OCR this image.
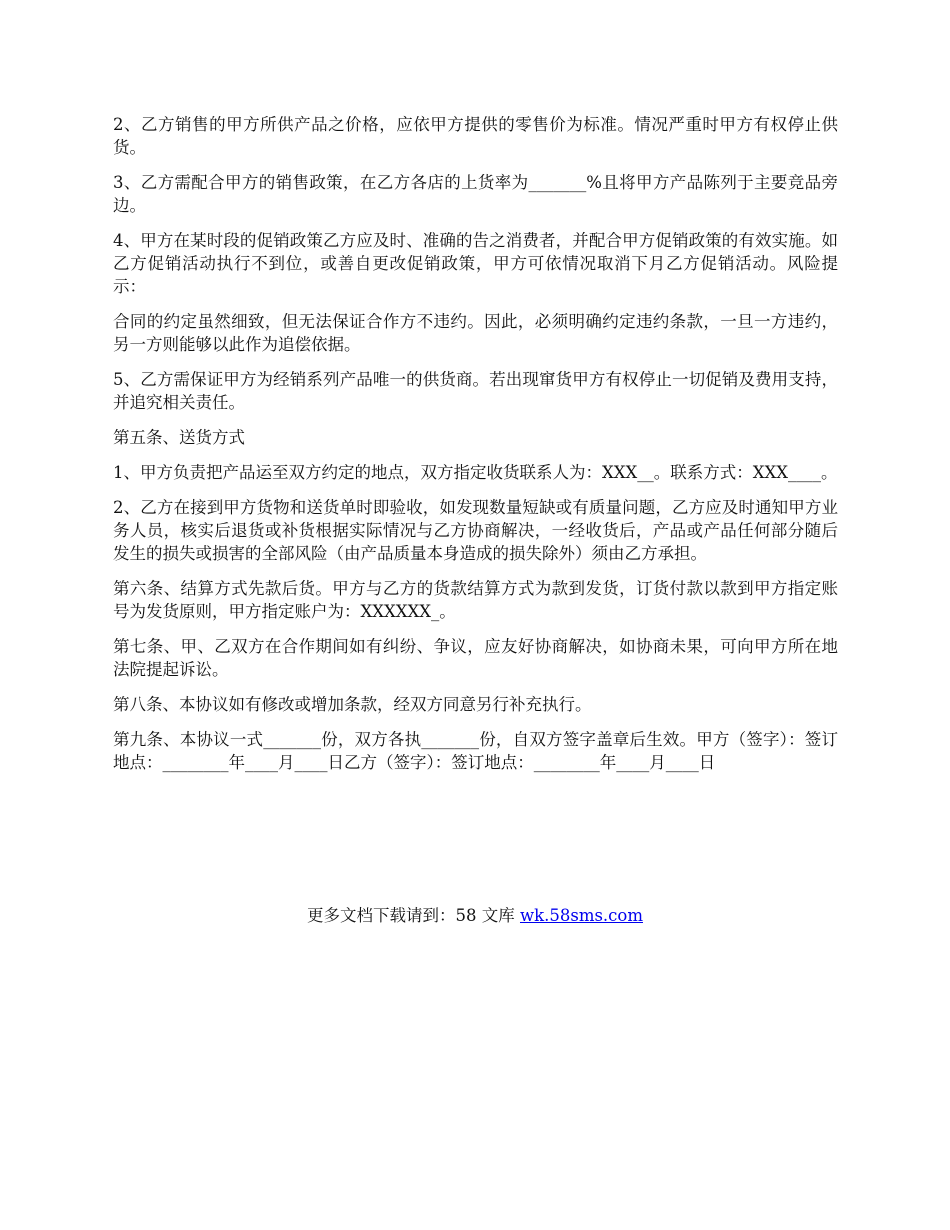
2、乙方销售的甲方所供产品之价格，应依甲方提供的零售价为标准。情况严重时甲方有权停止供货。

3、乙方需配合甲方的销售政策，在乙方各店的上货率为_______%且将甲方产品陈列于主要竞品旁边。

4、甲方在某时段的促销政策乙方应及时、准确的告之消费者，并配合甲方促销政策的有效实施。如乙方促销活动执行不到位，或善自更改促销政策，甲方可依情况取消下月乙方促销活动。风险提示：

合同的约定虽然细致，但无法保证合作方不违约。因此，必须明确约定违约条款，一旦一方违约，另一方则能够以此作为追偿依据。

5、乙方需保证甲方为经销系列产品唯一的供货商。若出现窜货甲方有权停止一切促销及费用支持，并追究相关责任。

第五条、送货方式

1、甲方负责把产品运至双方约定的地点，双方指定收货联系人为：XXX__。联系方式：XXX____。

2、乙方在接到甲方货物和送货单时即验收，如发现数量短缺或有质量问题，乙方应及时通知甲方业务人员，核实后退货或补货根据实际情况与乙方协商解决，一经收货后，产品或产品任何部分随后发生的损失或损害的全部风险（由产品质量本身造成的损失除外）须由乙方承担。

第六条、结算方式先款后货。甲方与乙方的货款结算方式为款到发货，订货付款以款到甲方指定账号为发货原则，甲方指定账户为：XXXXXX_。

第七条、甲、乙双方在合作期间如有纠纷、争议，应友好协商解决，如协商未果，可向甲方所在地法院提起诉讼。

第八条、本协议如有修改或增加条款，经双方同意另行补充执行。

第九条、本协议一式_______份，双方各执_______份，自双方签字盖章后生效。甲方（签字）：签订地点：________年____月____日乙方（签字）：签订地点：________年____月____日

更多文档下载请到：58 文库 wk.58sms.com
